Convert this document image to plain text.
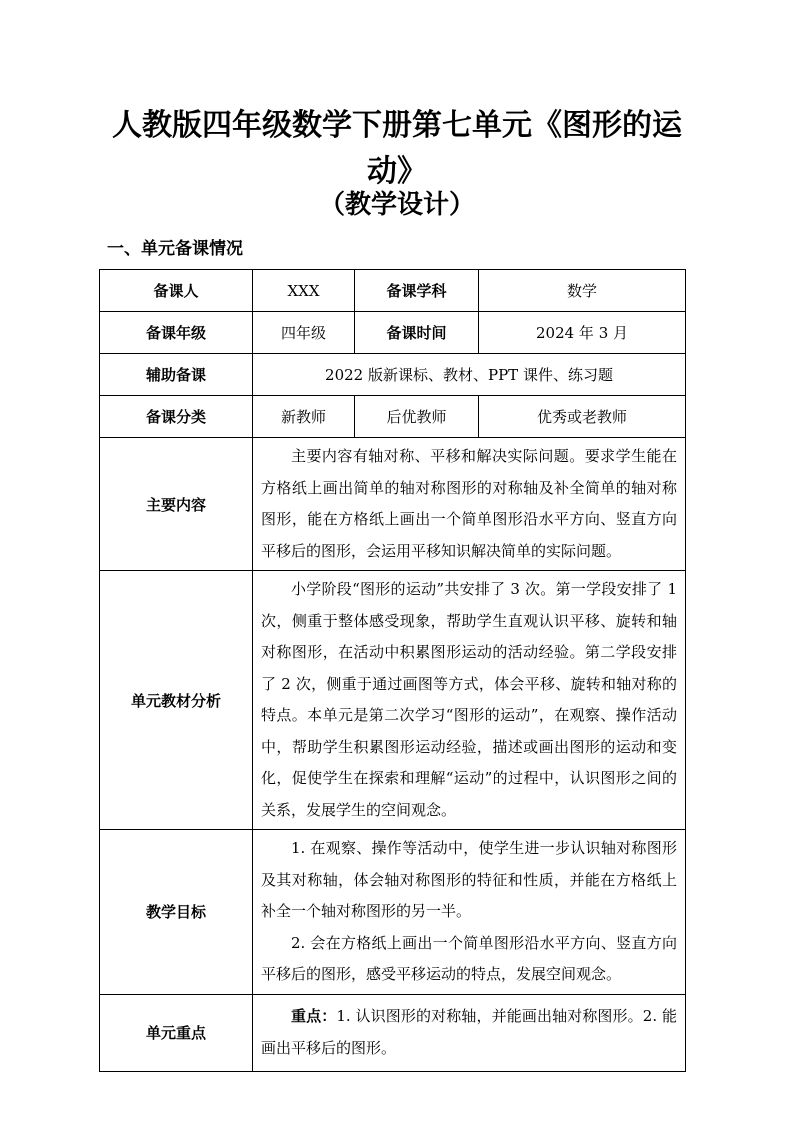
人教版四年级数学下册第七单元《图形的运动》
（教学设计）
一、单元备课情况
备课人	XXX	备课学科	数学
备课年级	四年级	备课时间	2024 年 3 月
辅助备课	2022 版新课标、教材、PPT 课件、练习题		
备课分类	新教师	后优教师	优秀或老教师
主要内容	主要内容有轴对称、平移和解决实际问题。要求学生能在方格纸上画出简单的轴对称图形的对称轴及补全简单的轴对称图形，能在方格纸上画出一个简单图形沿水平方向、竖直方向平移后的图形，会运用平移知识解决简单的实际问题。		

单元教材分析	小学阶段“图形的运动”共安排了 3 次。第一学段安排了 1 次，侧重于整体感受现象，帮助学生直观认识平移、旋转和轴对称图形，在活动中积累图形运动的活动经验。第二学段安排了 2 次，侧重于通过画图等方式，体会平移、旋转和轴对称的特点。本单元是第二次学习“图形的运动”，在观察、操作活动中，帮助学生积累图形运动经验，描述或画出图形的运动和变化，促使学生在探索和理解“运动”的过程中，认识图形之间的关系，发展学生的空间观念。		

教学目标	1. 在观察、操作等活动中，使学生进一步认识轴对称图形及其对称轴，体会轴对称图形的特征和性质，并能在方格纸上补全一个轴对称图形的另一半。

2. 会在方格纸上画出一个简单图形沿水平方向、竖直方向平移后的图形，感受平移运动的特点，发展空间观念。		

单元重点	重点：1. 认识图形的对称轴，并能画出轴对称图形。2. 能画出平移后的图形。		
